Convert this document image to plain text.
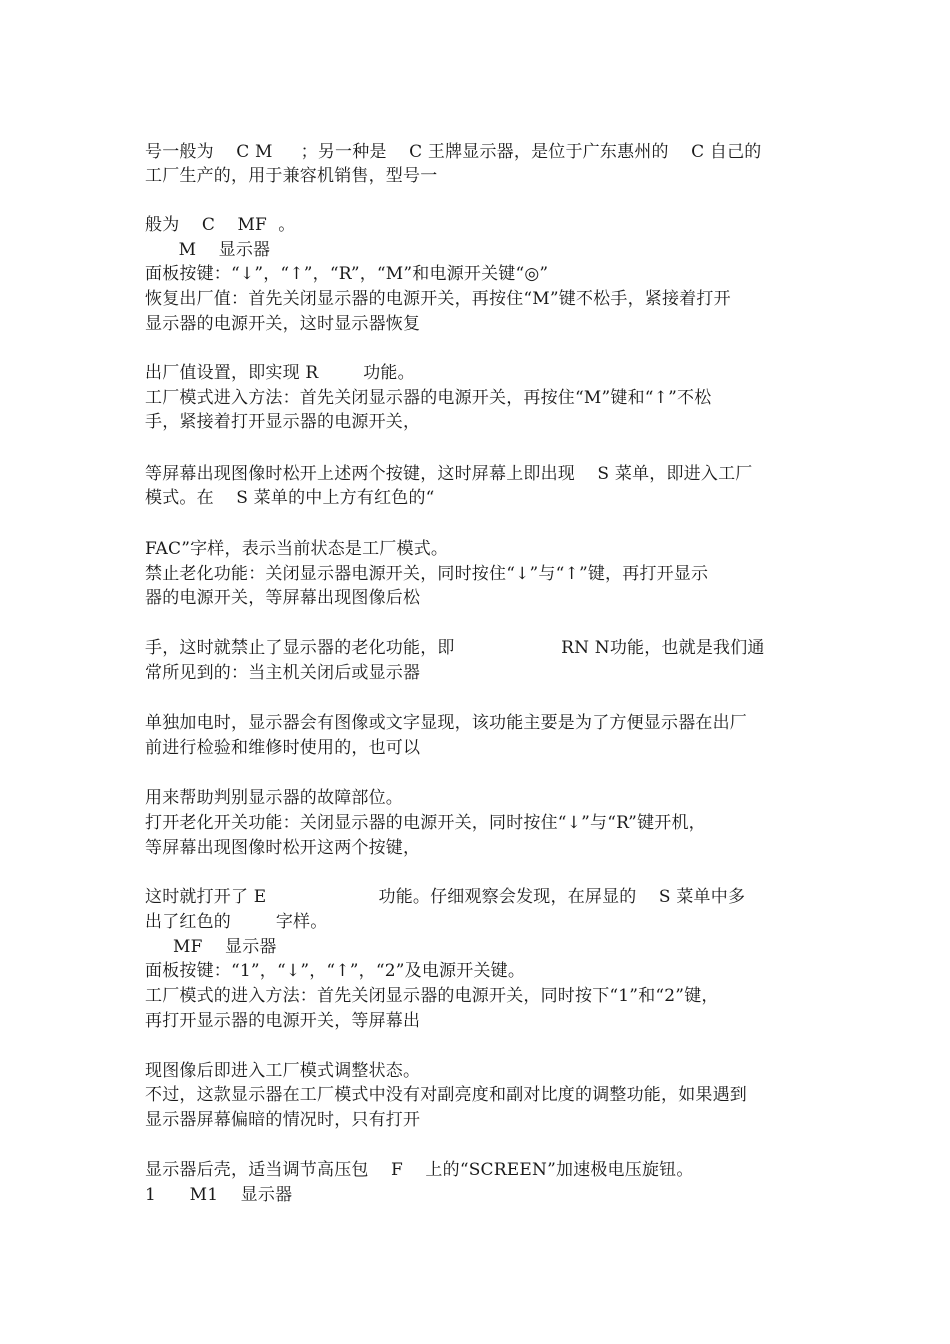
号一般为    C M     ；另一种是    C 王牌显示器，是位于广东惠州的    C 自己的
工厂生产的，用于兼容机销售，型号一
般为    C    MF  。
M    显示器
面板按键：“↓”，“↑”，“R”，“M”和电源开关键“◎”
恢复出厂值：首先关闭显示器的电源开关，再按住“M”键不松手，紧接着打开
显示器的电源开关，这时显示器恢复
出厂值设置，即实现 R        功能。
工厂模式进入方法：首先关闭显示器的电源开关，再按住“M”键和“↑”不松
手，紧接着打开显示器的电源开关，
等屏幕出现图像时松开上述两个按键，这时屏幕上即出现    S 菜单，即进入工厂
模式。在    S 菜单的中上方有红色的“
FAC”字样，表示当前状态是工厂模式。
禁止老化功能：关闭显示器电源开关，同时按住“↓”与“↑”键，再打开显示
器的电源开关，等屏幕出现图像后松
手，这时就禁止了显示器的老化功能，即                   RN N功能，也就是我们通
常所见到的：当主机关闭后或显示器
单独加电时，显示器会有图像或文字显现，该功能主要是为了方便显示器在出厂
前进行检验和维修时使用的，也可以
用来帮助判别显示器的故障部位。
打开老化开关功能：关闭显示器的电源开关，同时按住“↓”与“R”键开机，
等屏幕出现图像时松开这两个按键，
这时就打开了 E                    功能。仔细观察会发现，在屏显的    S 菜单中多
出了红色的        字样。
MF    显示器
面板按键：“1”，“↓”，“↑”，“2”及电源开关键。
工厂模式的进入方法：首先关闭显示器的电源开关，同时按下“1”和“2”键，
再打开显示器的电源开关，等屏幕出
现图像后即进入工厂模式调整状态。
不过，这款显示器在工厂模式中没有对副亮度和副对比度的调整功能，如果遇到
显示器屏幕偏暗的情况时，只有打开
显示器后壳，适当调节高压包    F    上的“SCREEN”加速极电压旋钮。
1      M1    显示器
